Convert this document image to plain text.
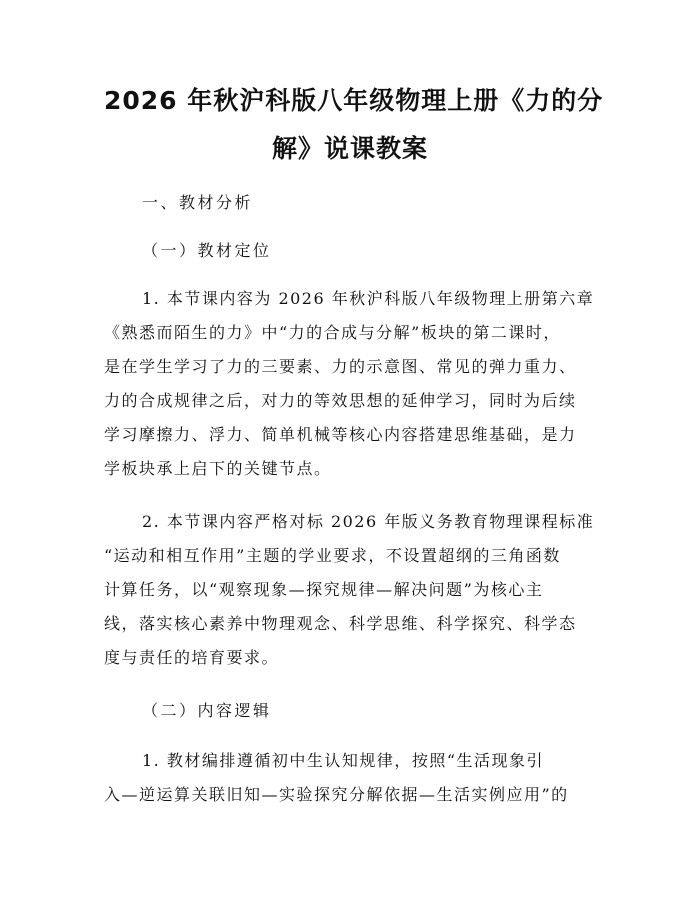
2026 年秋沪科版八年级物理上册《力的分
解》说课教案
一、教材分析
（一）教材定位
1. 本节课内容为 2026 年秋沪科版八年级物理上册第六章
《熟悉而陌生的力》中“力的合成与分解”板块的第二课时，
是在学生学习了力的三要素、力的示意图、常见的弹力重力、
力的合成规律之后，对力的等效思想的延伸学习，同时为后续
学习摩擦力、浮力、简单机械等核心内容搭建思维基础，是力
学板块承上启下的关键节点。
2. 本节课内容严格对标 2026 年版义务教育物理课程标准
“运动和相互作用”主题的学业要求，不设置超纲的三角函数
计算任务，以“观察现象—探究规律—解决问题”为核心主
线，落实核心素养中物理观念、科学思维、科学探究、科学态
度与责任的培育要求。
（二）内容逻辑
1. 教材编排遵循初中生认知规律，按照“生活现象引
入—逆运算关联旧知—实验探究分解依据—生活实例应用”的
